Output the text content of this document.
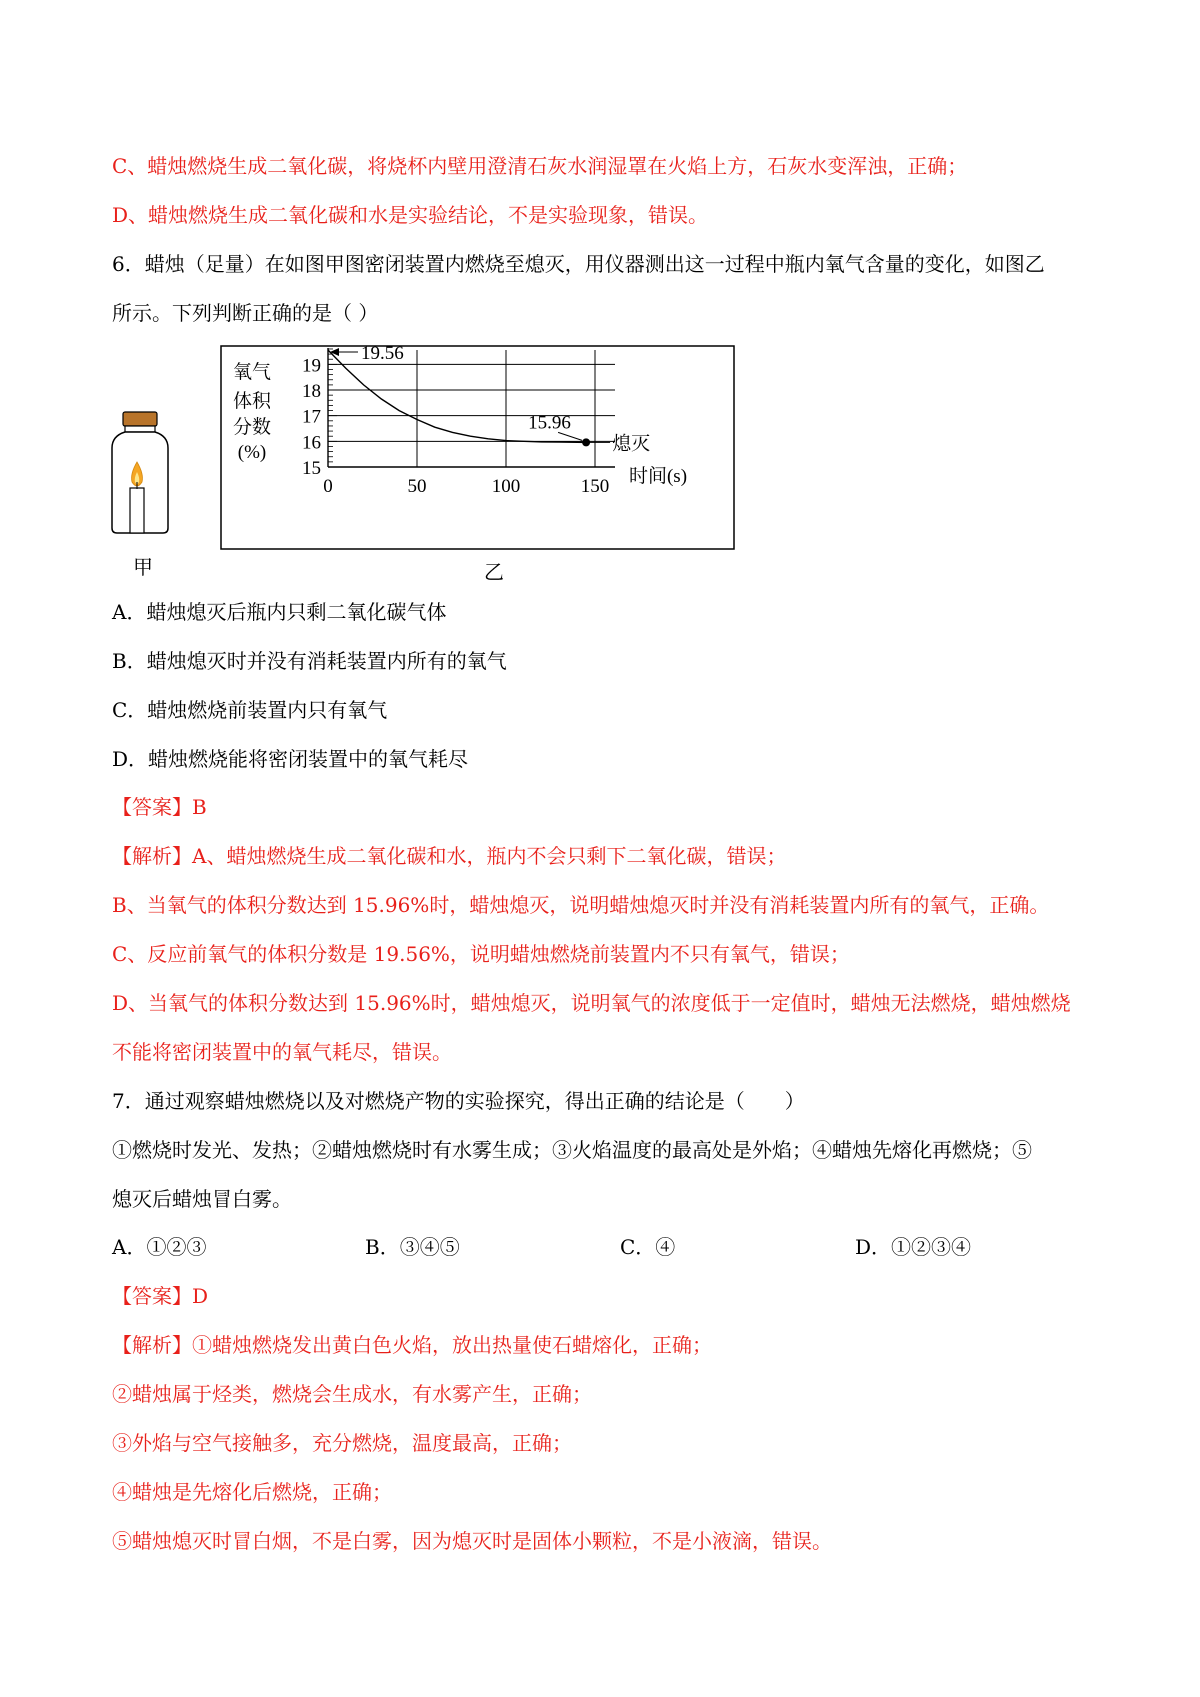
C、蜡烛燃烧生成二氧化碳，将烧杯内壁用澄清石灰水润湿罩在火焰上方，石灰水变浑浊，正确；
D、蜡烛燃烧生成二氧化碳和水是实验结论，不是实验现象，错误。
6．蜡烛（足量）在如图甲图密闭装置内燃烧至熄灭，用仪器测出这一过程中瓶内氧气含量的变化，如图乙
所示。下列判断正确的是（ ）
15
16
17
18
19
0	50	100	150
氧气
体积
分数
(%)
时间(s)
19.56
15.96
熄灭
甲	乙
A．蜡烛熄灭后瓶内只剩二氧化碳气体
B．蜡烛熄灭时并没有消耗装置内所有的氧气
C．蜡烛燃烧前装置内只有氧气
D．蜡烛燃烧能将密闭装置中的氧气耗尽
【答案】B
【解析】A、蜡烛燃烧生成二氧化碳和水，瓶内不会只剩下二氧化碳，错误；
B、当氧气的体积分数达到 15.96%时，蜡烛熄灭，说明蜡烛熄灭时并没有消耗装置内所有的氧气，正确。
C、反应前氧气的体积分数是 19.56%，说明蜡烛燃烧前装置内不只有氧气，错误；
D、当氧气的体积分数达到 15.96%时，蜡烛熄灭，说明氧气的浓度低于一定值时，蜡烛无法燃烧，蜡烛燃烧
不能将密闭装置中的氧气耗尽，错误。
7．通过观察蜡烛燃烧以及对燃烧产物的实验探究，得出正确的结论是（　　）
①燃烧时发光、发热；②蜡烛燃烧时有水雾生成；③火焰温度的最高处是外焰；④蜡烛先熔化再燃烧；⑤
熄灭后蜡烛冒白雾。
A．①②③	B．③④⑤	C．④	D．①②③④
【答案】D
【解析】①蜡烛燃烧发出黄白色火焰，放出热量使石蜡熔化，正确；
②蜡烛属于烃类，燃烧会生成水，有水雾产生，正确；
③外焰与空气接触多，充分燃烧，温度最高，正确；
④蜡烛是先熔化后燃烧，正确；
⑤蜡烛熄灭时冒白烟，不是白雾，因为熄灭时是固体小颗粒，不是小液滴，错误。
